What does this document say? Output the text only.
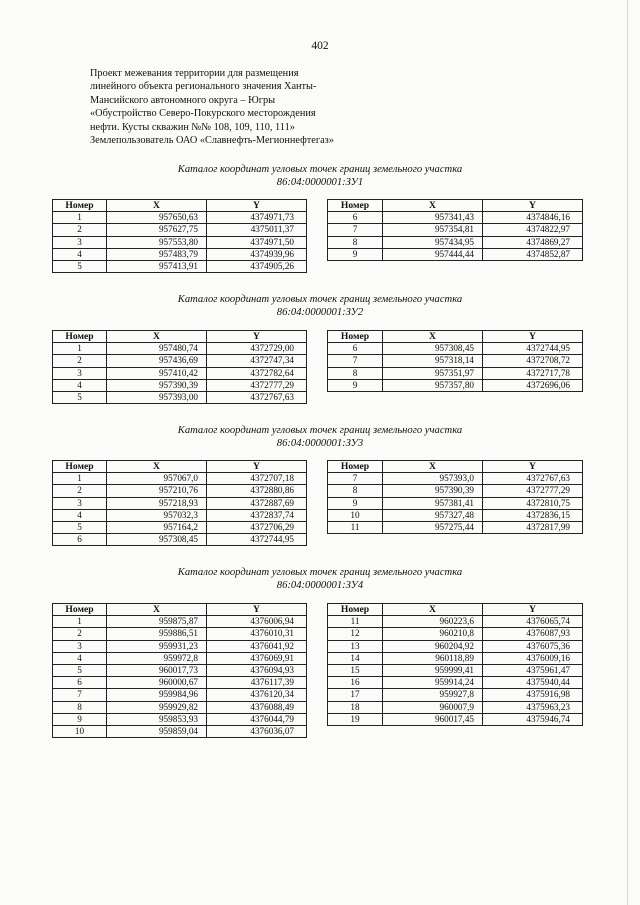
402
Проект межевания территории для размещения
линейного объекта регионального значения Ханты-
Мансийского автономного округа – Югры
«Обустройство Северо-Покурского месторождения
нефти. Кусты скважин №№ 108, 109, 110, 111»
Землепользователь ОАО «Славнефть-Мегионнефтегаз»
Каталог координат угловых точек границ земельного участка
86:04:0000001:ЗУ1
Номер	X	Y
1	957650,63	4374971,73
2	957627,75	4375011,37
3	957553,80	4374971,50
4	957483,79	4374939,96
5	957413,91	4374905,26
Номер	X	Y
6	957341,43	4374846,16
7	957354,81	4374822,97
8	957434,95	4374869,27
9	957444,44	4374852,87
Каталог координат угловых точек границ земельного участка
86:04:0000001:ЗУ2
Номер	X	Y
1	957480,74	4372729,00
2	957436,69	4372747,34
3	957410,42	4372782,64
4	957390,39	4372777,29
5	957393,00	4372767,63
Номер	X	Y
6	957308,45	4372744,95
7	957318,14	4372708,72
8	957351,97	4372717,78
9	957357,80	4372696,06
Каталог координат угловых точек границ земельного участка
86:04:0000001:ЗУ3
Номер	X	Y
1	957067,0	4372707,18
2	957210,76	4372880,86
3	957218,93	4372887,69
4	957032,3	4372837,74
5	957164,2	4372706,29
6	957308,45	4372744,95
Номер	X	Y
7	957393,0	4372767,63
8	957390,39	4372777,29
9	957381,41	4372810,75
10	957327,48	4372836,15
11	957275,44	4372817,99
Каталог координат угловых точек границ земельного участка
86:04:0000001:ЗУ4
Номер	X	Y
1	959875,87	4376006,94
2	959886,51	4376010,31
3	959931,23	4376041,92
4	959972,8	4376069,91
5	960017,73	4376094,93
6	960000,67	4376117,39
7	959984,96	4376120,34
8	959929,82	4376088,49
9	959853,93	4376044,79
10	959859,04	4376036,07
Номер	X	Y
11	960223,6	4376065,74
12	960210,8	4376087,93
13	960204,92	4376075,36
14	960118,89	4376009,16
15	959999,41	4375961,47
16	959914,24	4375940,44
17	959927,8	4375916,98
18	960007,9	4375963,23
19	960017,45	4375946,74
